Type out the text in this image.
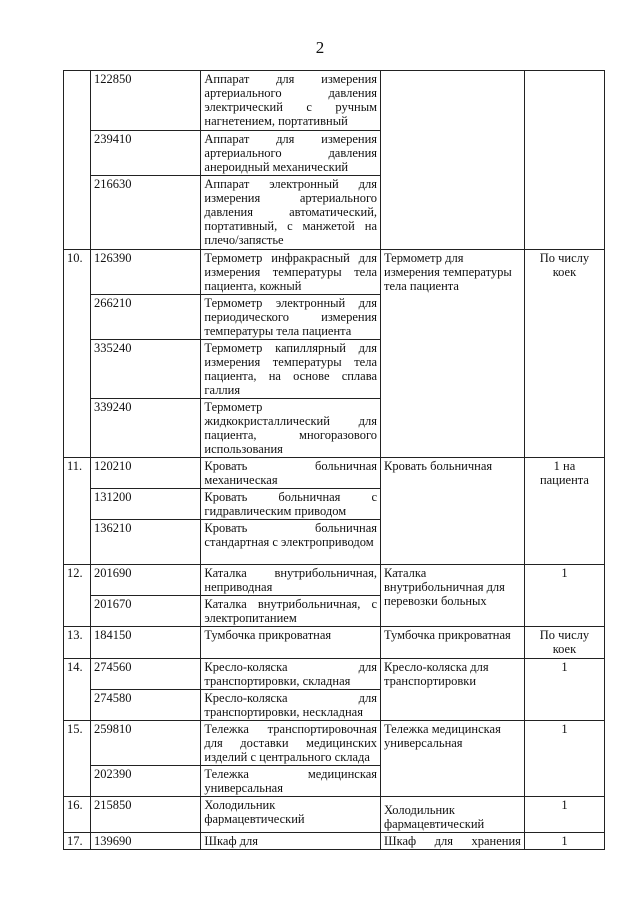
2
	122850	Аппарат для измерения артериального давления электрический с ручным нагнетением, портативный		
	239410	Аппарат для измерения артериального давления анероидный механический		
	216630	Аппарат электронный для измерения артериального давления автоматический, портативный, с манжетой на плечо/запястье		
10.	126390	Термометр инфракрасный для измерения температуры тела пациента, кожный	Термометр для измерения температуры тела пациента	По числу коек
	266210	Термометр электронный для периодического измерения температуры тела пациента		
	335240	Термометр капиллярный для измерения температуры тела пациента, на основе сплава галлия		
	339240	Термометр жидкокристаллический для пациента, многоразового использования		
11.	120210	Кровать больничная механическая	Кровать больничная	1 на пациента
	131200	Кровать больничная с гидравлическим приводом		
	136210	Кровать больничная стандартная с электроприводом		
12.	201690	Каталка внутрибольничная, неприводная	Каталка внутрибольничная для перевозки больных	1
	201670	Каталка внутрибольничная, с электропитанием		
13.	184150	Тумбочка прикроватная	Тумбочка прикроватная	По числу коек
14.	274560	Кресло-коляска для транспортировки, складная	Кресло-коляска для транспортировки	1
	274580	Кресло-коляска для транспортировки, нескладная		
15.	259810	Тележка транспортировочная для доставки медицинских изделий с центрального склада	Тележка медицинская универсальная	1
	202390	Тележка медицинская универсальная		
16.	215850	Холодильник фармацевтический	Холодильник фармацевтический	1
17.	139690	Шкаф для	Шкаф для хранения	1
